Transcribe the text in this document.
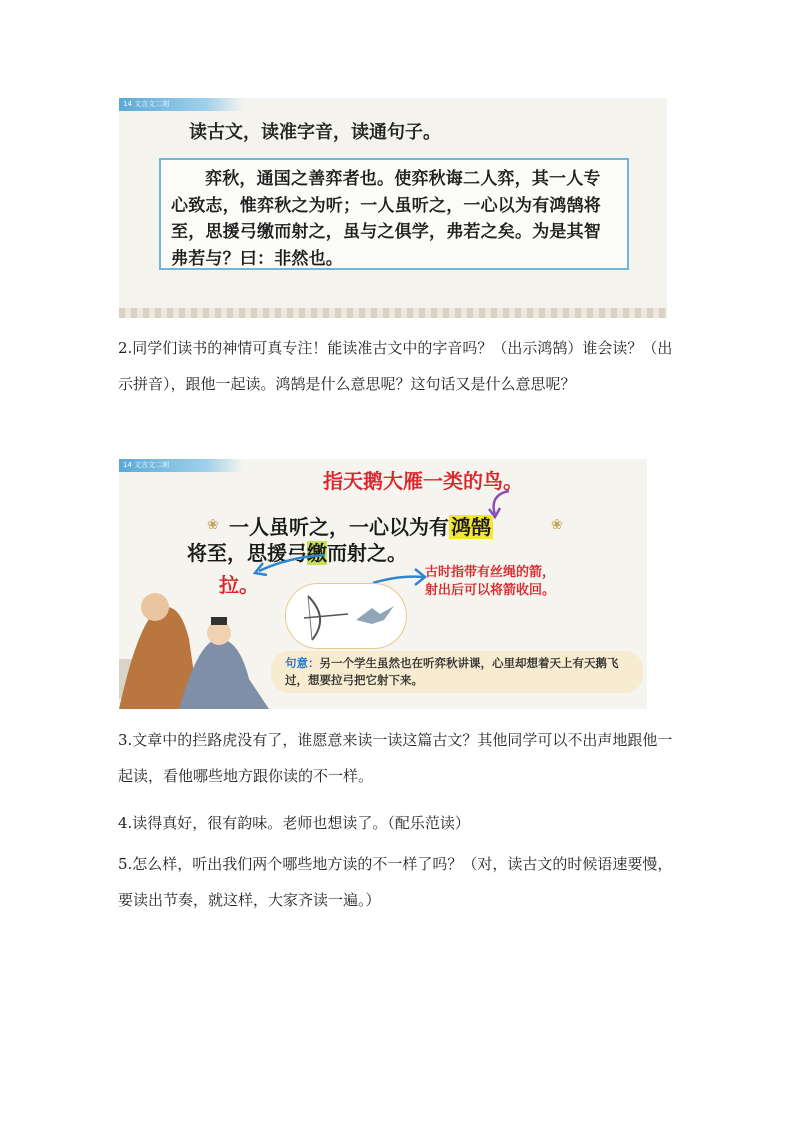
14 文言文二则
读古文，读准字音，读通句子。

弈秋，通国之善弈者也。使弈秋诲二人弈，其一人专心致志，惟弈秋之为听；一人虽听之，一心以为有鸿鹄将至，思援弓缴而射之，虽与之俱学，弗若之矣。为是其智弗若与？曰：非然也。

2.同学们读书的神情可真专注！能读准古文中的字音吗？（出示鸿鹄）谁会读？（出示拼音），跟他一起读。鸿鹄是什么意思呢？这句话又是什么意思呢？

14 文言文二则
指天鹅大雁一类的鸟。
❀	❀
一人虽听之，一心以为有 鸿鹄
将至，思援弓缴而射之。
拉。
古时指带有丝绳的箭，
射出后可以将箭收回。
句意：另一个学生虽然也在听弈秋讲课，心里却想着天上有天鹅飞过，想要拉弓把它射下来。

3.文章中的拦路虎没有了，谁愿意来读一读这篇古文？其他同学可以不出声地跟他一起读，看他哪些地方跟你读的不一样。

4.读得真好，很有韵味。老师也想读了。（配乐范读）

5.怎么样，听出我们两个哪些地方读的不一样了吗？（对，读古文的时候语速要慢，要读出节奏，就这样，大家齐读一遍。）
